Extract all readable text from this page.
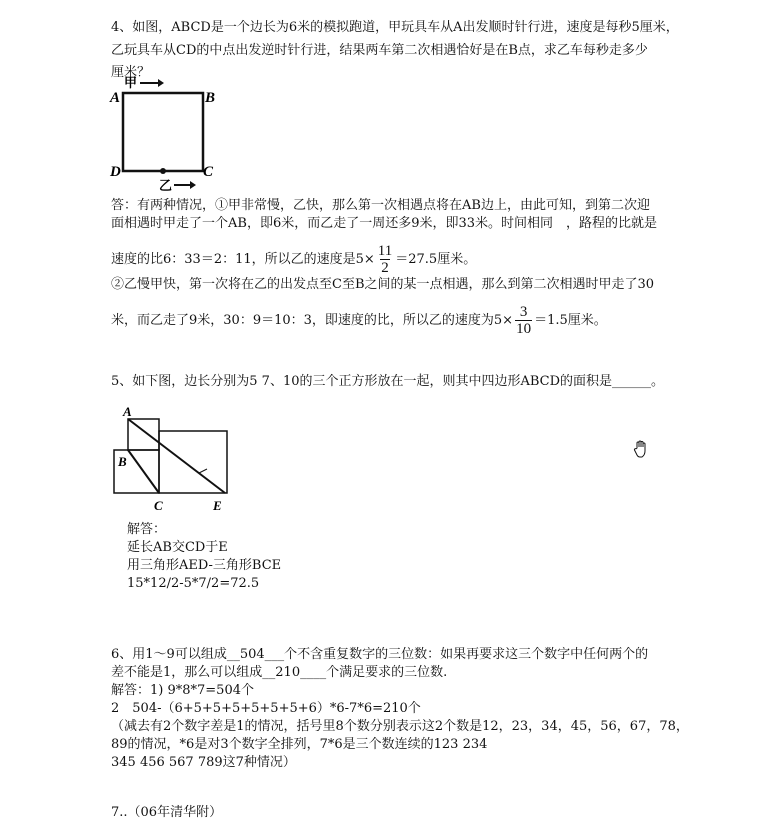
4、如图，ABCD是一个边长为6米的模拟跑道，甲玩具车从A出发顺时针行进，速度是每秒5厘米，
乙玩具车从CD的中点出发逆时针行进，结果两车第二次相遇恰好是在B点，求乙车每秒走多少
厘米？
A	B
D	C
甲
乙
答：有两种情况，①甲非常慢，乙快，那么第一次相遇点将在AB边上，由此可知，到第二次迎
面相遇时甲走了一个AB，即6米，而乙走了一周还多9米，即33米。时间相同　，路程的比就是
速度的比6：33＝2：11，所以乙的速度是$5\times \frac{11}{2} =27.5$厘米。
②乙慢甲快，第一次将在乙的出发点至C至B之间的某一点相遇，那么到第二次相遇时甲走了30
米，而乙走了9米，30：9＝10：3，即速度的比，所以乙的速度为$5\times \frac{3}{10} =1.5$厘米。
5、如下图，边长分别为5 7、10的三个正方形放在一起，则其中四边形ABCD的面积是______。
A
B
C	E
解答：
延长AB交CD于E
用三角形AED-三角形BCE
15*12/2-5*7/2=72.5
6、用1～9可以组成__504___个不含重复数字的三位数：如果再要求这三个数字中任何两个的
差不能是1，那么可以组成__210____个满足要求的三位数.
解答：1) 9*8*7=504个
2　504-（6+5+5+5+5+5+5+6）*6-7*6=210个
（减去有2个数字差是1的情况，括号里8个数分别表示这2个数是12，23，34，45，56，67，78，
89的情况，*6是对3个数字全排列，7*6是三个数连续的123 234
345 456 567 789这7种情况）
7..（06年清华附）
